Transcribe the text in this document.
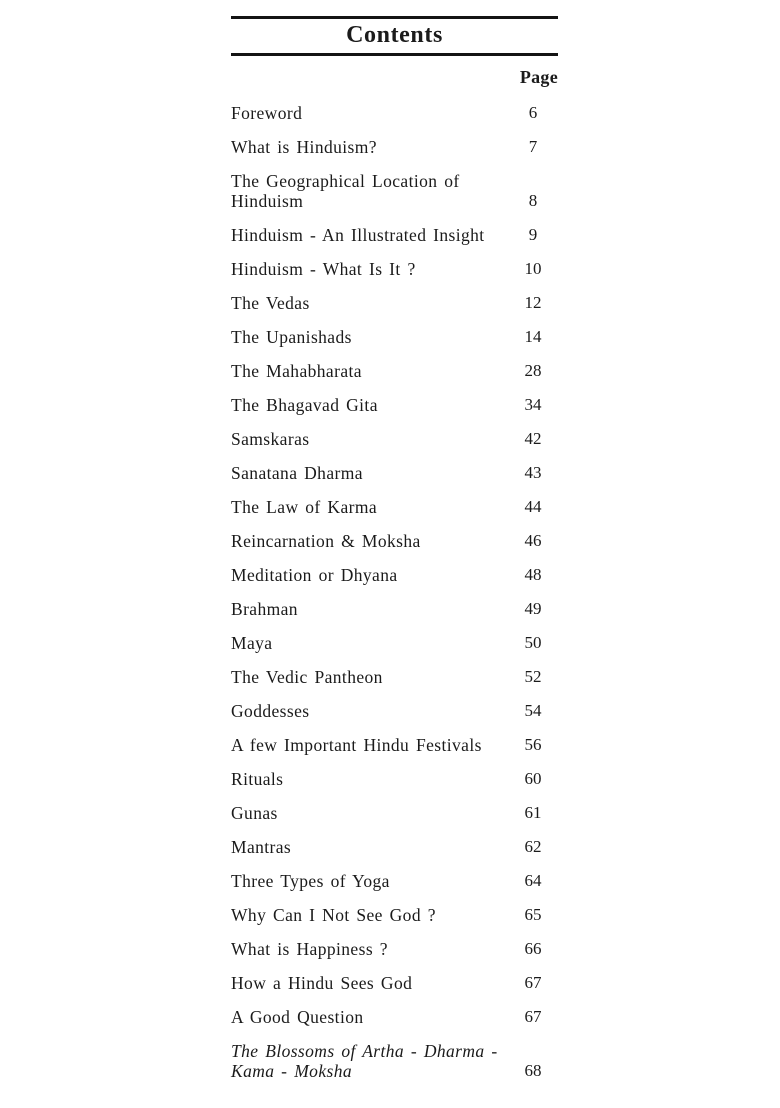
Contents
Page
Foreword	6
What is Hinduism?	7
The Geographical Location of Hinduism	8
Hinduism - An Illustrated Insight	9
Hinduism - What Is It ?	10
The Vedas	12
The Upanishads	14
The Mahabharata	28
The Bhagavad Gita	34
Samskaras	42
Sanatana Dharma	43
The Law of Karma	44
Reincarnation & Moksha	46
Meditation or Dhyana	48
Brahman	49
Maya	50
The Vedic Pantheon	52
Goddesses	54
A few Important Hindu Festivals	56
Rituals	60
Gunas	61
Mantras	62
Three Types of Yoga	64
Why Can I Not See God ?	65
What is Happiness ?	66
How a Hindu Sees God	67
A Good Question	67
The Blossoms of Artha - Dharma - Kama - Moksha	68
